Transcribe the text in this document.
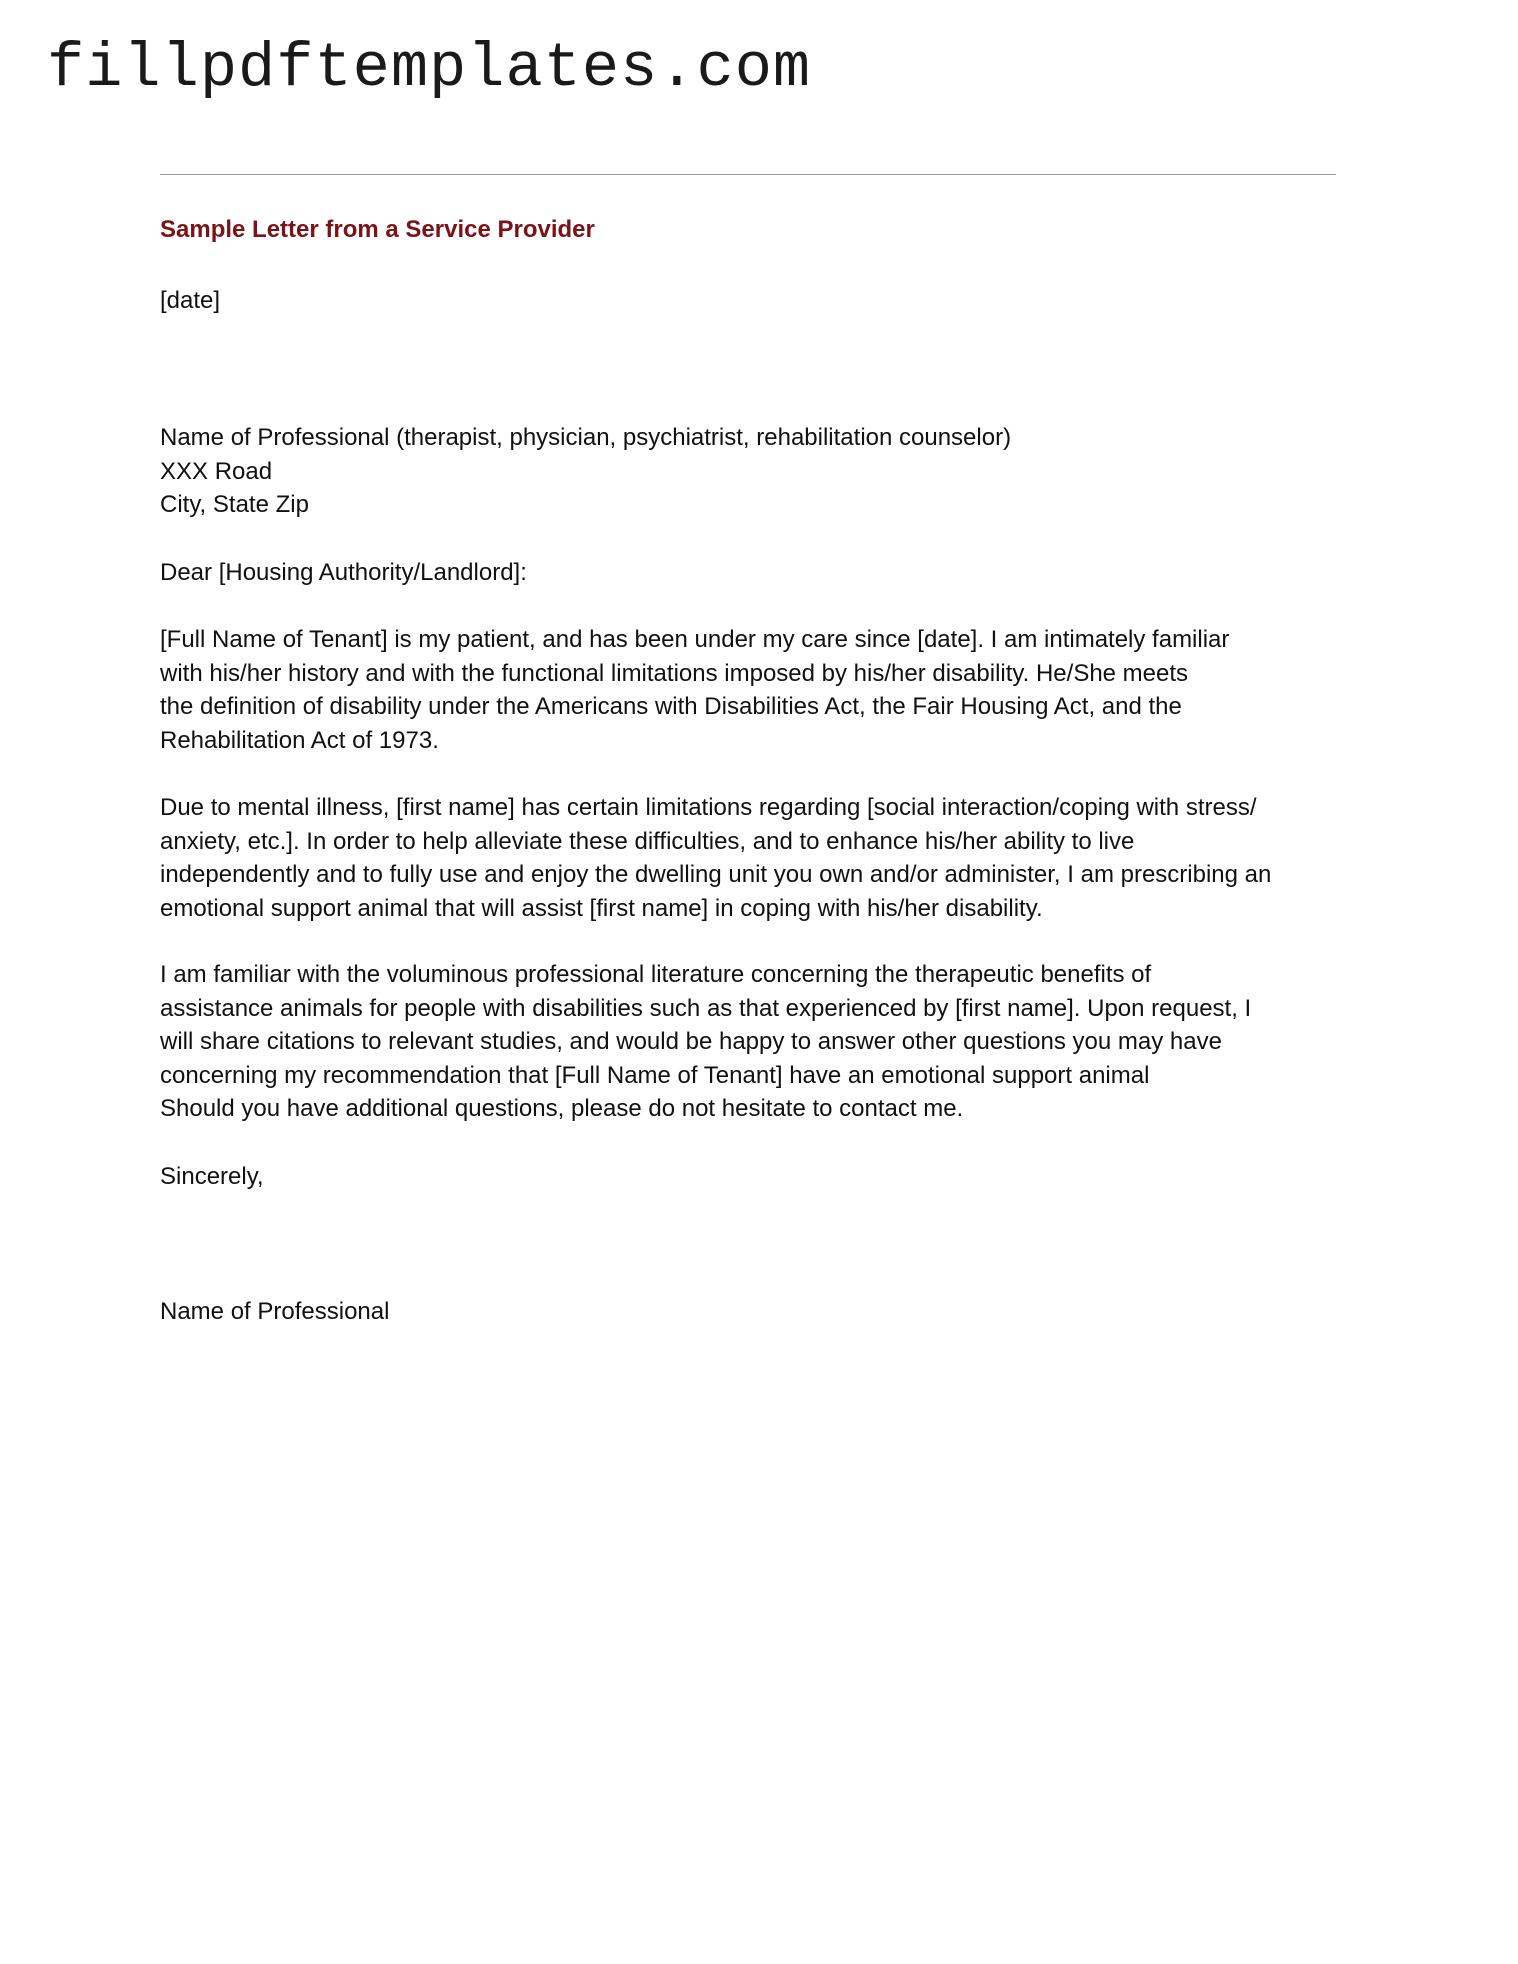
fillpdftemplates.com
Sample Letter from a Service Provider
[date]
Name of Professional (therapist, physician, psychiatrist, rehabilitation counselor)
XXX Road
City, State Zip
Dear [Housing Authority/Landlord]:
[Full Name of Tenant] is my patient, and has been under my care since [date]. I am intimately familiar
with his/her history and with the functional limitations imposed by his/her disability. He/She meets
the definition of disability under the Americans with Disabilities Act, the Fair Housing Act, and the
Rehabilitation Act of 1973.
Due to mental illness, [first name] has certain limitations regarding [social interaction/coping with stress/
anxiety, etc.]. In order to help alleviate these difficulties, and to enhance his/her ability to live
independently and to fully use and enjoy the dwelling unit you own and/or administer, I am prescribing an
emotional support animal that will assist [first name] in coping with his/her disability.
I am familiar with the voluminous professional literature concerning the therapeutic benefits of
assistance animals for people with disabilities such as that experienced by [first name]. Upon request, I
will share citations to relevant studies, and would be happy to answer other questions you may have
concerning my recommendation that [Full Name of Tenant] have an emotional support animal
Should you have additional questions, please do not hesitate to contact me.
Sincerely,
Name of Professional
